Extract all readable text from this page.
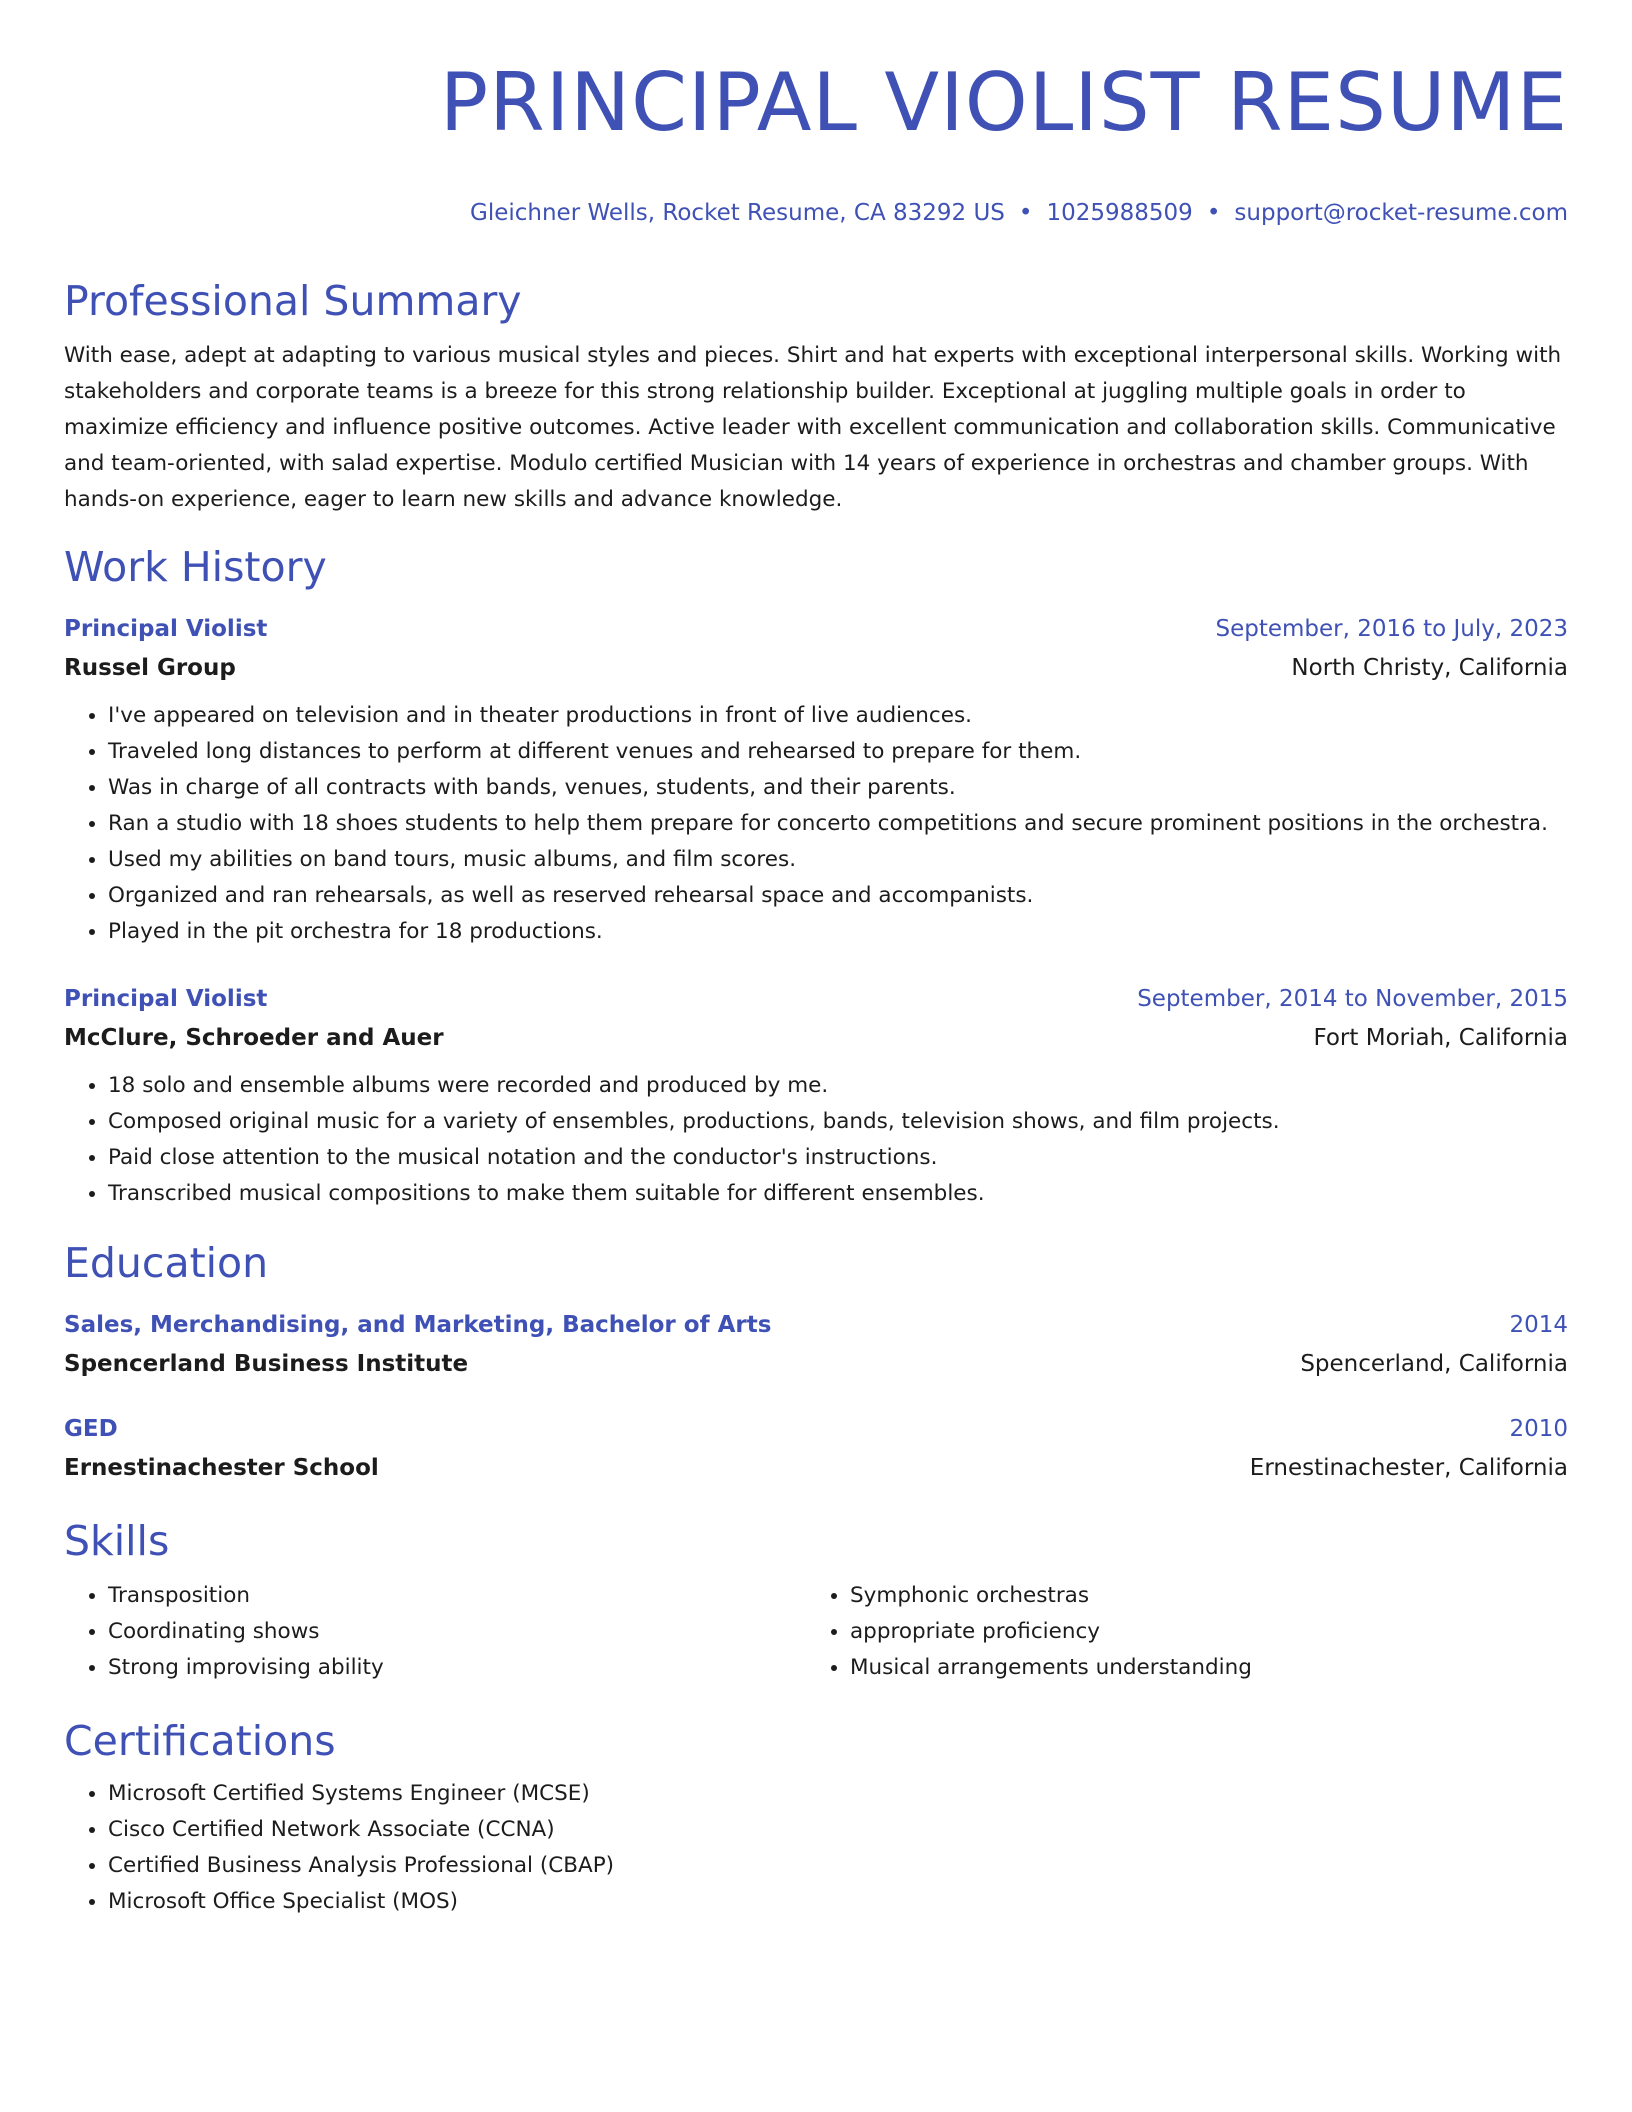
PRINCIPAL VIOLIST RESUME
Gleichner Wells, Rocket Resume, CA 83292 US • 1025988509 • support@rocket-resume.com
Professional Summary

With ease, adept at adapting to various musical styles and pieces. Shirt and hat experts with exceptional interpersonal skills. Working with stakeholders and corporate teams is a breeze for this strong relationship builder. Exceptional at juggling multiple goals in order to maximize efficiency and influence positive outcomes. Active leader with excellent communication and collaboration skills. Communicative and team-oriented, with salad expertise. Modulo certified Musician with 14 years of experience in orchestras and chamber groups. With hands-on experience, eager to learn new skills and advance knowledge.

Work History
Principal Violist	September, 2016 to July, 2023
Russel Group	North Christy, California
• I've appeared on television and in theater productions in front of live audiences.
• Traveled long distances to perform at different venues and rehearsed to prepare for them.
• Was in charge of all contracts with bands, venues, students, and their parents.
• Ran a studio with 18 shoes students to help them prepare for concerto competitions and secure prominent positions in the orchestra.
• Used my abilities on band tours, music albums, and film scores.
• Organized and ran rehearsals, as well as reserved rehearsal space and accompanists.
• Played in the pit orchestra for 18 productions.
Principal Violist	September, 2014 to November, 2015
McClure, Schroeder and Auer	Fort Moriah, California
• 18 solo and ensemble albums were recorded and produced by me.
• Composed original music for a variety of ensembles, productions, bands, television shows, and film projects.
• Paid close attention to the musical notation and the conductor's instructions.
• Transcribed musical compositions to make them suitable for different ensembles.
Education
Sales, Merchandising, and Marketing, Bachelor of Arts	2014
Spencerland Business Institute	Spencerland, California
GED	2010
Ernestinachester School	Ernestinachester, California
Skills
• Transposition
• Coordinating shows
• Strong improvising ability
• Symphonic orchestras
• appropriate proficiency
• Musical arrangements understanding
Certifications
• Microsoft Certified Systems Engineer (MCSE)
• Cisco Certified Network Associate (CCNA)
• Certified Business Analysis Professional (CBAP)
• Microsoft Office Specialist (MOS)
